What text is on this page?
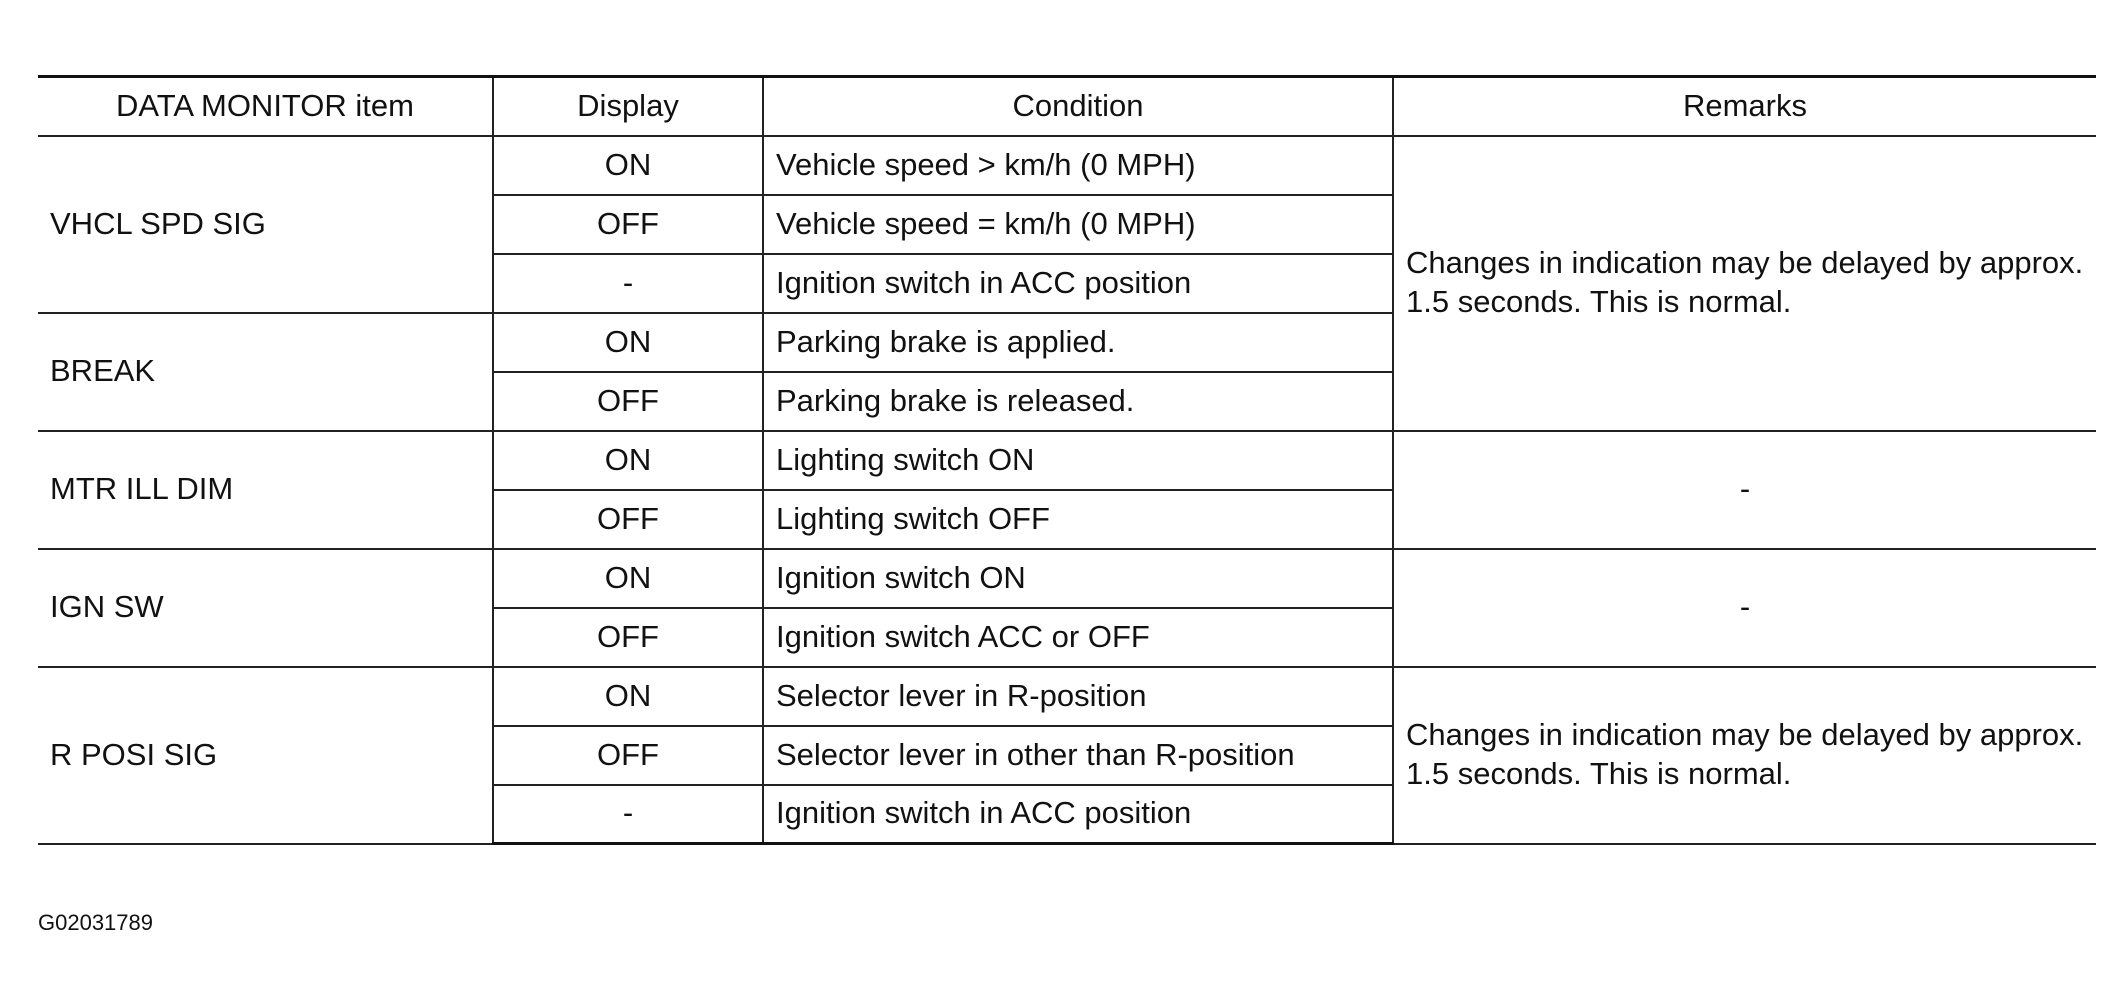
DATA MONITOR item	Display	Condition	Remarks
VHCL SPD SIG	ON	Vehicle speed > km/h (0 MPH)	Changes in indication may be delayed by approx. 1.5 seconds. This is normal.
	OFF	Vehicle speed = km/h (0 MPH)	
	-	Ignition switch in ACC position	
BREAK	ON	Parking brake is applied.	
	OFF	Parking brake is released.	
MTR ILL DIM	ON	Lighting switch ON	-
	OFF	Lighting switch OFF	
IGN SW	ON	Ignition switch ON	-
	OFF	Ignition switch ACC or OFF	
R POSI SIG	ON	Selector lever in R-position	Changes in indication may be delayed by approx. 1.5 seconds. This is normal.
	OFF	Selector lever in other than R-position	
	-	Ignition switch in ACC position	
G02031789
